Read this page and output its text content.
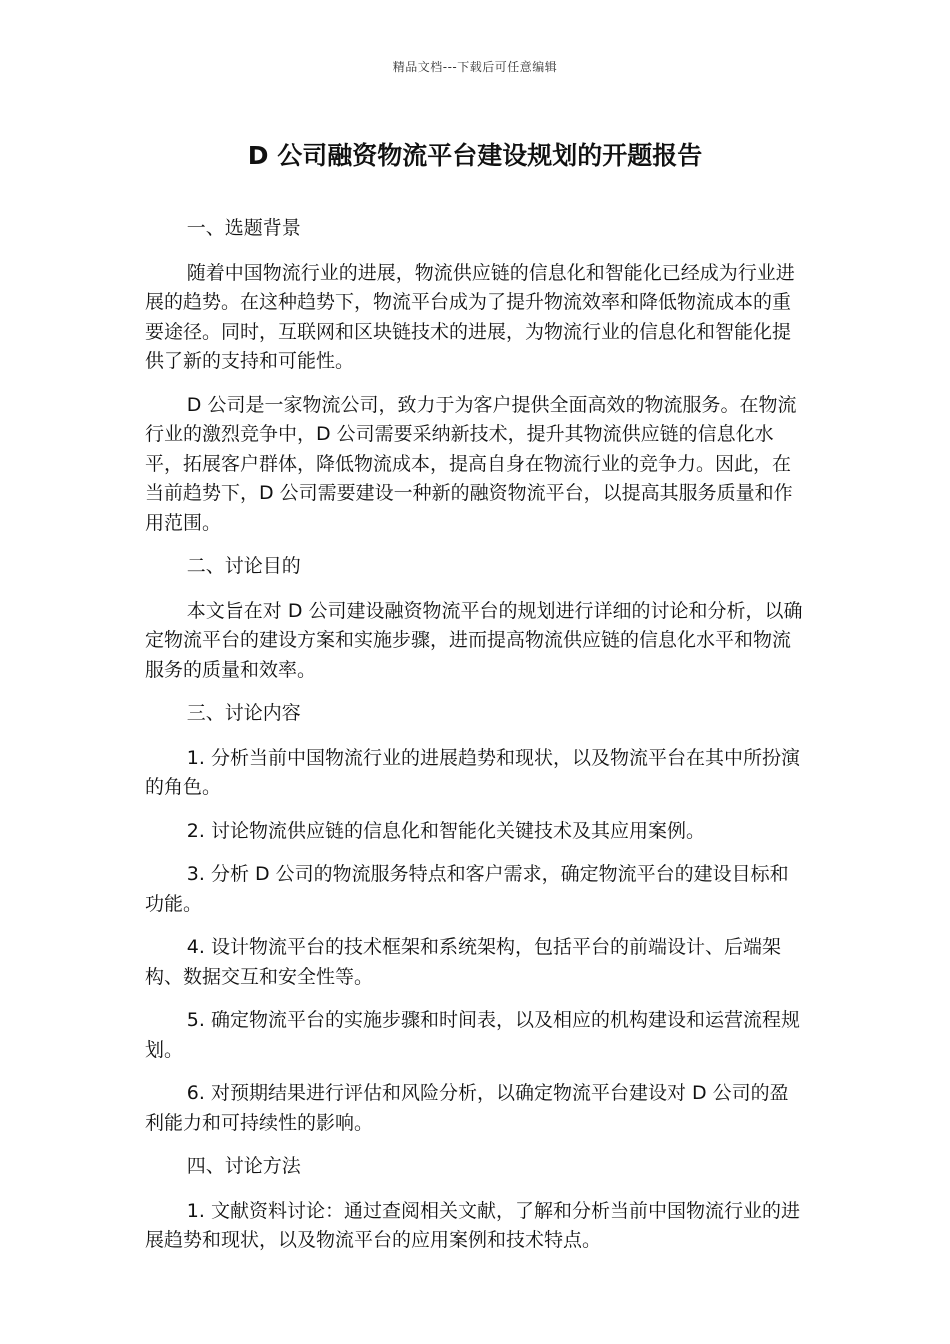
精品文档---下载后可任意编辑
D 公司融资物流平台建设规划的开题报告

一、选题背景

随着中国物流行业的进展，物流供应链的信息化和智能化已经成为行业进展的趋势。在这种趋势下，物流平台成为了提升物流效率和降低物流成本的重要途径。同时，互联网和区块链技术的进展，为物流行业的信息化和智能化提供了新的支持和可能性。

D 公司是一家物流公司，致力于为客户提供全面高效的物流服务。在物流行业的激烈竞争中，D 公司需要采纳新技术，提升其物流供应链的信息化水平，拓展客户群体，降低物流成本，提高自身在物流行业的竞争力。因此，在当前趋势下，D 公司需要建设一种新的融资物流平台，以提高其服务质量和作用范围。

二、讨论目的

本文旨在对 D 公司建设融资物流平台的规划进行详细的讨论和分析，以确定物流平台的建设方案和实施步骤，进而提高物流供应链的信息化水平和物流服务的质量和效率。

三、讨论内容

1. 分析当前中国物流行业的进展趋势和现状，以及物流平台在其中所扮演的角色。

2. 讨论物流供应链的信息化和智能化关键技术及其应用案例。

3. 分析 D 公司的物流服务特点和客户需求，确定物流平台的建设目标和功能。

4. 设计物流平台的技术框架和系统架构，包括平台的前端设计、后端架构、数据交互和安全性等。

5. 确定物流平台的实施步骤和时间表，以及相应的机构建设和运营流程规划。

6. 对预期结果进行评估和风险分析，以确定物流平台建设对 D 公司的盈利能力和可持续性的影响。

四、讨论方法

1. 文献资料讨论：通过查阅相关文献，了解和分析当前中国物流行业的进展趋势和现状，以及物流平台的应用案例和技术特点。
